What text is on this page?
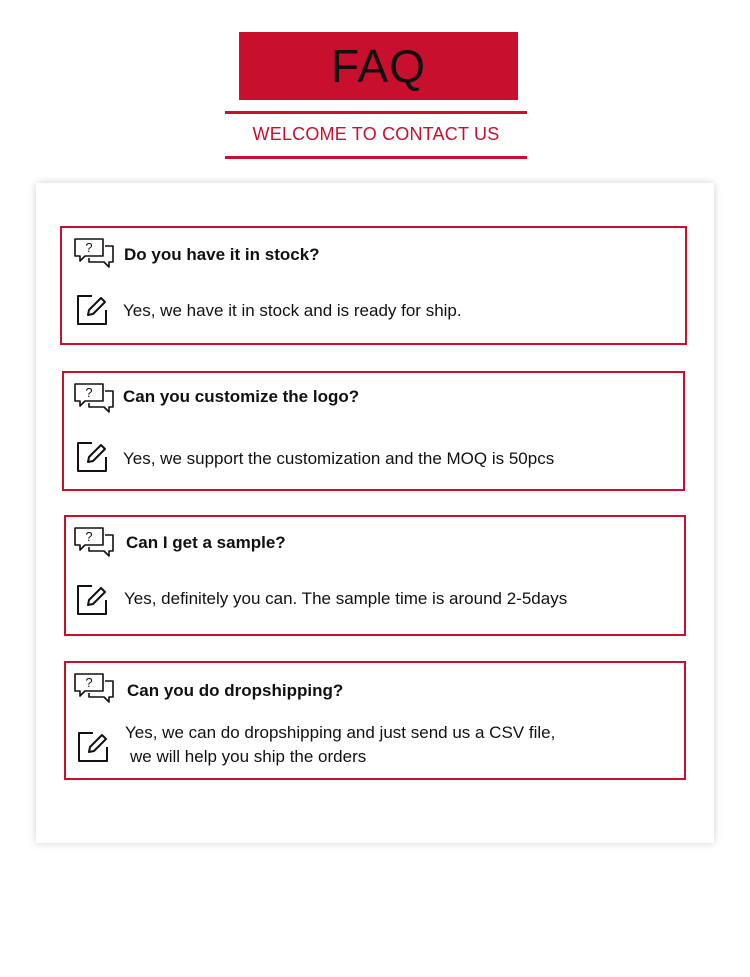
FAQ
WELCOME TO CONTACT US
? Do you have it in stock?
Yes, we have it in stock and is ready for ship.
? Can you customize the logo?
Yes, we support the customization and the MOQ is 50pcs
? Can I get a sample?
Yes, definitely you can. The sample time is around 2-5days
? Can you do dropshipping?
Yes, we can do dropshipping and just send us a CSV file,
we will help you ship the orders
